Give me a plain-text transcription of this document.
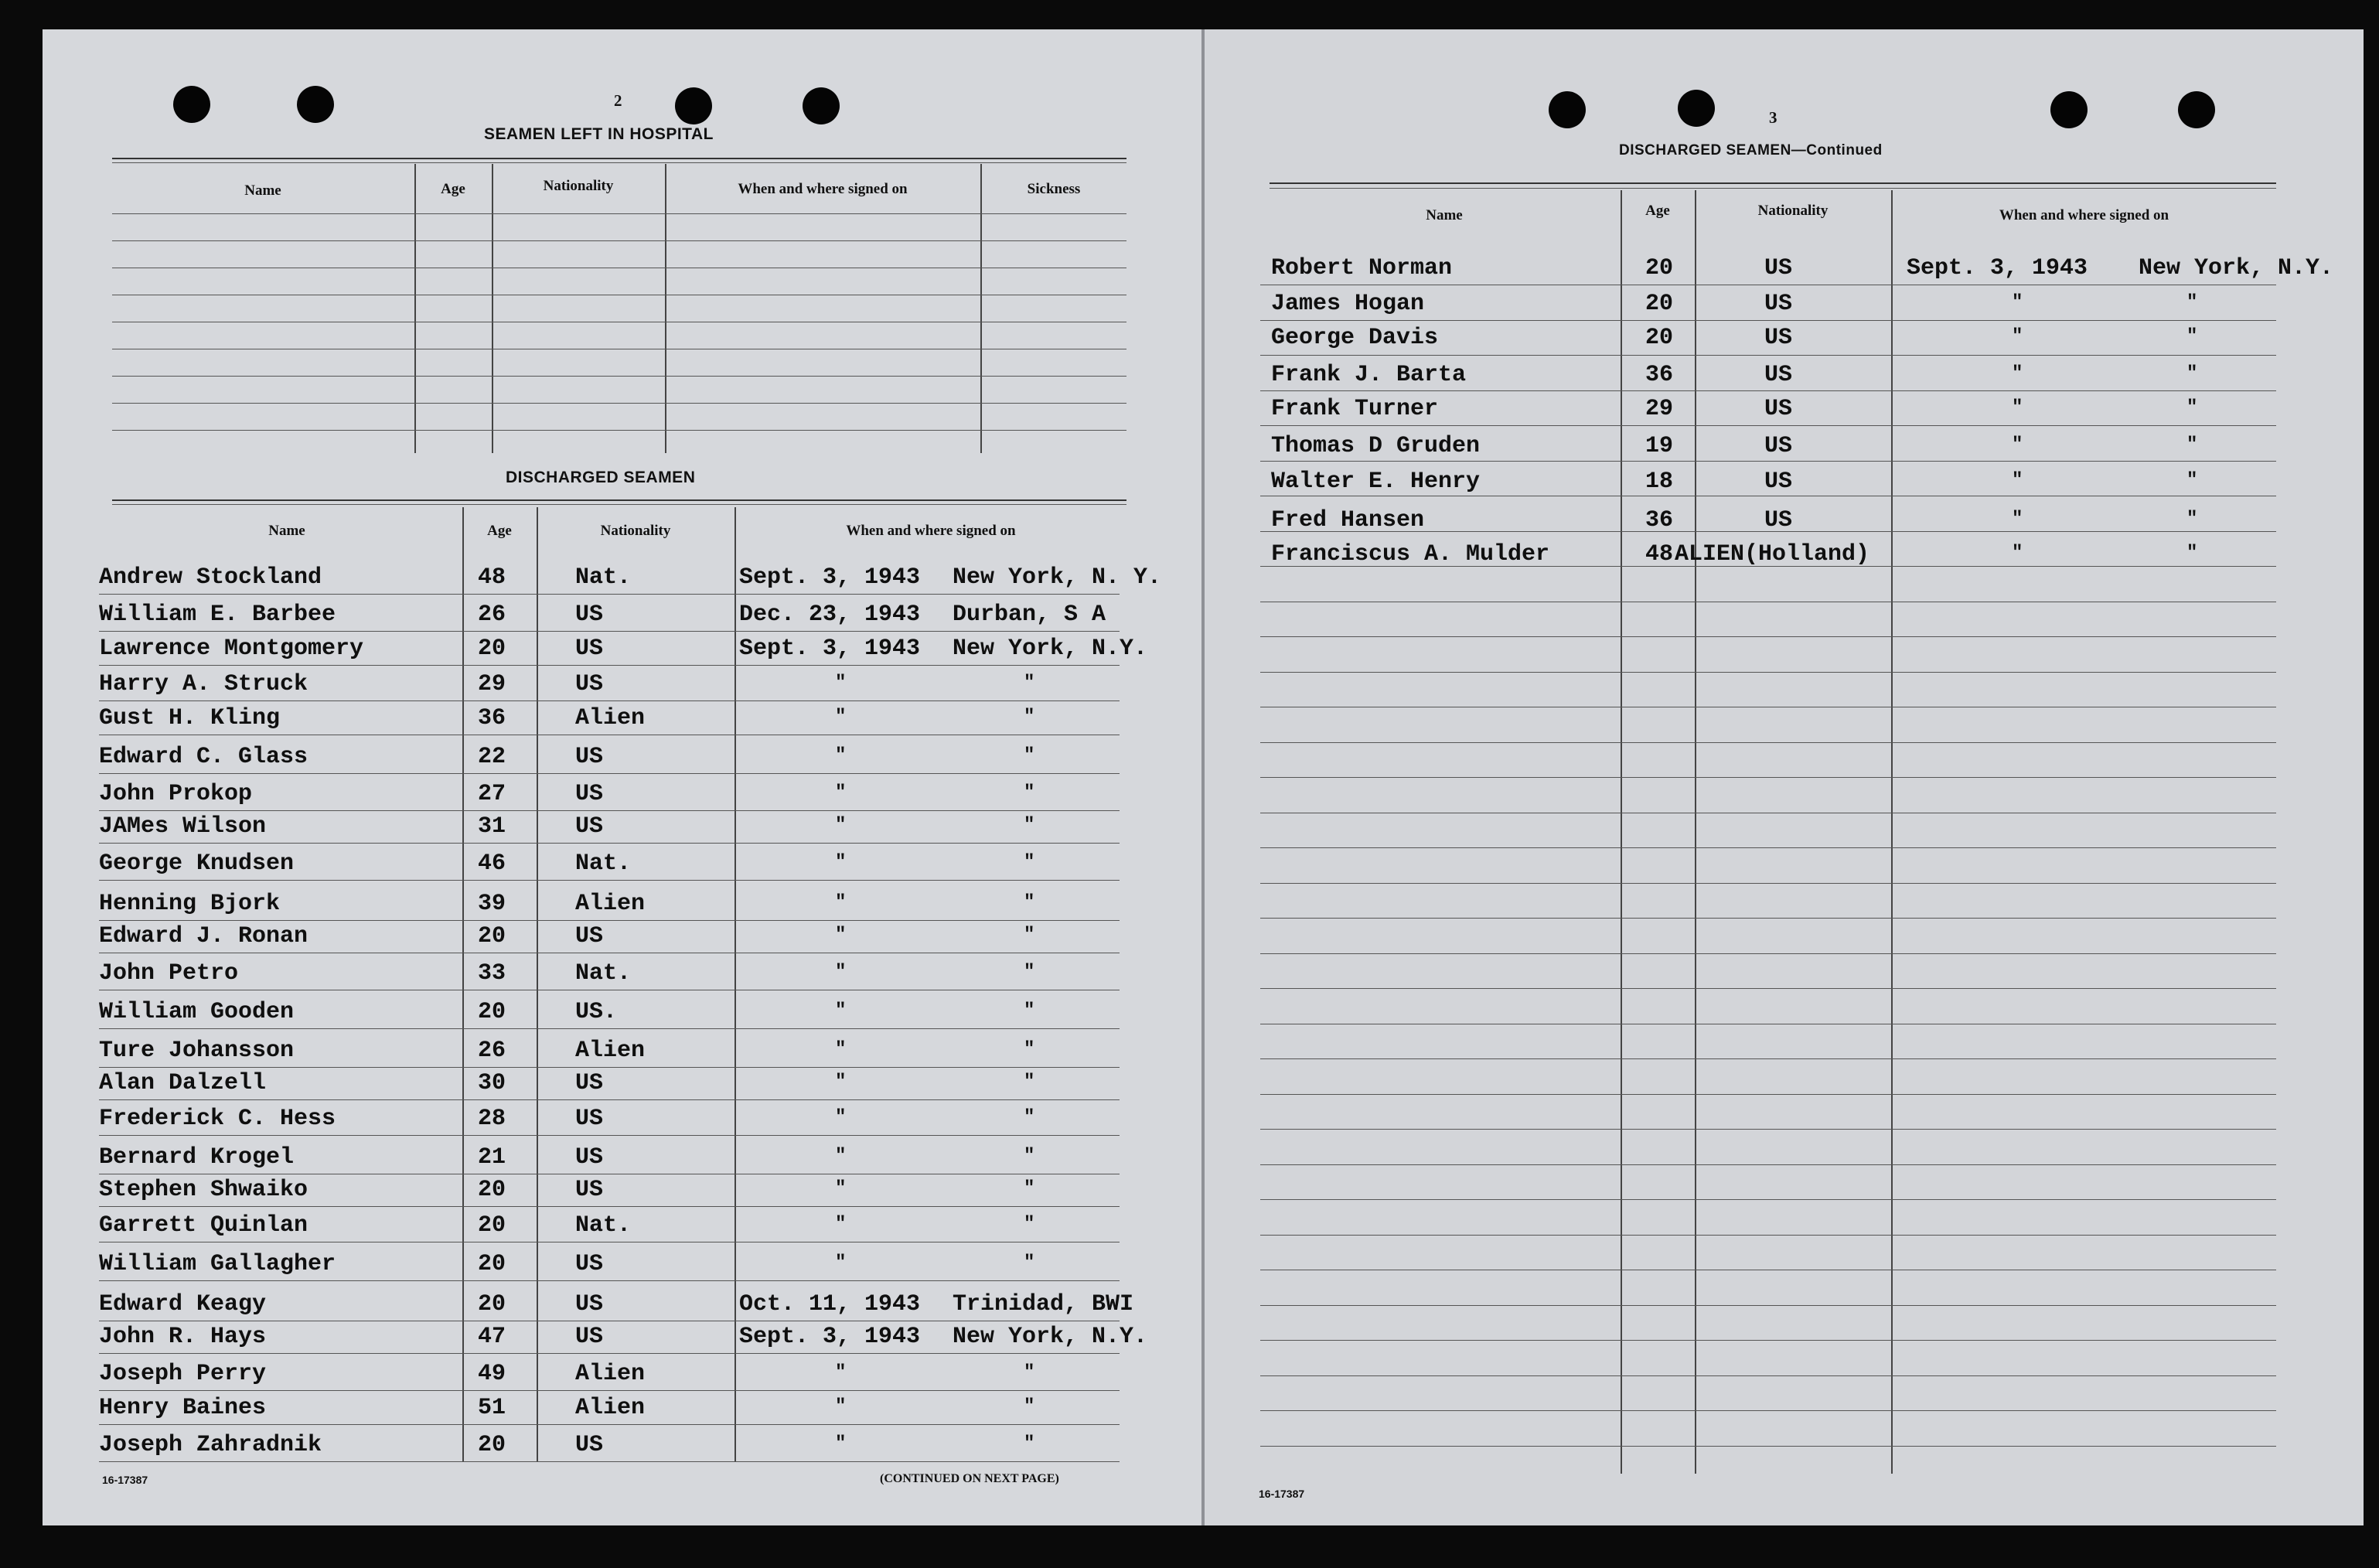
2
SEAMEN LEFT IN HOSPITAL
Name	Age	Nationality	When and where signed on	Sickness
DISCHARGED SEAMEN
Name	Age	Nationality	When and where signed on
Andrew Stockland	48	Nat.	Sept. 3, 1943 New York, N. Y.
William E. Barbee	26	US	Dec. 23, 1943 Durban, S A
Lawrence Montgomery	20	US	Sept. 3, 1943 New York, N.Y.
Harry A. Struck	29	US	"	"
Gust H. Kling	36	Alien	"	"
Edward C. Glass	22	US	"	"
John Prokop	27	US	"	"
JAMes Wilson	31	US	"	"
George Knudsen	46	Nat.	"	"
Henning Bjork	39	Alien	"	"
Edward J. Ronan	20	US	"	"
John Petro	33	Nat.	"	"
William Gooden	20	US.	"	"
Ture Johansson	26	Alien	"	"
Alan Dalzell	30	US	"	"
Frederick C. Hess	28	US	"	"
Bernard Krogel	21	US	"	"
Stephen Shwaiko	20	US	"	"
Garrett Quinlan	20	Nat.	"	"
William Gallagher	20	US	"	"
Edward Keagy	20	US	Oct. 11, 1943 Trinidad, BWI
John R. Hays	47	US	Sept. 3, 1943 New York, N.Y.
Joseph Perry	49	Alien	"	"
Henry Baines	51	Alien	"	"
Joseph Zahradnik	20	US	"	"
16-17387	(CONTINUED ON NEXT PAGE)
3
DISCHARGED SEAMEN—Continued
Name	Age	Nationality	When and where signed on
Robert Norman	20	US	Sept. 3, 1943 New York, N.Y.
James Hogan	20	US	"	"
George Davis	20	US	"	"
Frank J. Barta	36	US	"	"
Frank Turner	29	US	"	"
Thomas D Gruden	19	US	"	"
Walter E. Henry	18	US	"	"
Fred Hansen	36	US	"	"
Franciscus A. Mulder	48 ALIEN(Holland)	"	"
16-17387
